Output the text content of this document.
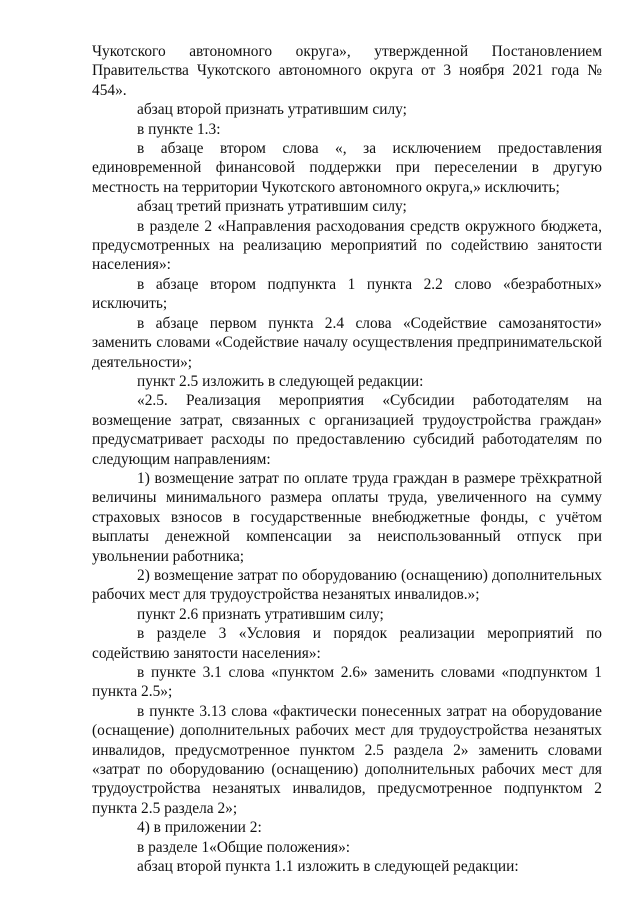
Чукотского автономного округа», утвержденной Постановлением Правительства Чукотского автономного округа от 3 ноября 2021 года № 454».

абзац второй признать утратившим силу;

в пункте 1.3:

в абзаце втором слова «, за исключением предоставления единовременной финансовой поддержки при переселении в другую местность на территории Чукотского автономного округа,» исключить;

абзац третий признать утратившим силу;

в разделе 2 «Направления расходования средств окружного бюджета, предусмотренных на реализацию мероприятий по содействию занятости населения»:

в абзаце втором подпункта 1 пункта 2.2 слово «безработных» исключить;

в абзаце первом пункта 2.4 слова «Содействие самозанятости» заменить словами «Содействие началу осуществления предпринимательской деятельности»;

пункт 2.5 изложить в следующей редакции:

«2.5. Реализация мероприятия «Субсидии работодателям на возмещение затрат, связанных с организацией трудоустройства граждан» предусматривает расходы по предоставлению субсидий работодателям по следующим направлениям:

1) возмещение затрат по оплате труда граждан в размере трёхкратной величины минимального размера оплаты труда, увеличенного на сумму страховых взносов в государственные внебюджетные фонды, с учётом выплаты денежной компенсации за неиспользованный отпуск при увольнении работника;

2) возмещение затрат по оборудованию (оснащению) дополнительных рабочих мест для трудоустройства незанятых инвалидов.»;

пункт 2.6 признать утратившим силу;

в разделе 3 «Условия и порядок реализации мероприятий по содействию занятости населения»:

в пункте 3.1 слова «пунктом 2.6» заменить словами «подпунктом 1 пункта 2.5»;

в пункте 3.13 слова «фактически понесенных затрат на оборудование (оснащение) дополнительных рабочих мест для трудоустройства незанятых инвалидов, предусмотренное пунктом 2.5 раздела 2» заменить словами «затрат по оборудованию (оснащению) дополнительных рабочих мест для трудоустройства незанятых инвалидов, предусмотренное подпунктом 2 пункта 2.5 раздела 2»;

4) в приложении 2:

в разделе 1«Общие положения»:

абзац второй пункта 1.1 изложить в следующей редакции:
